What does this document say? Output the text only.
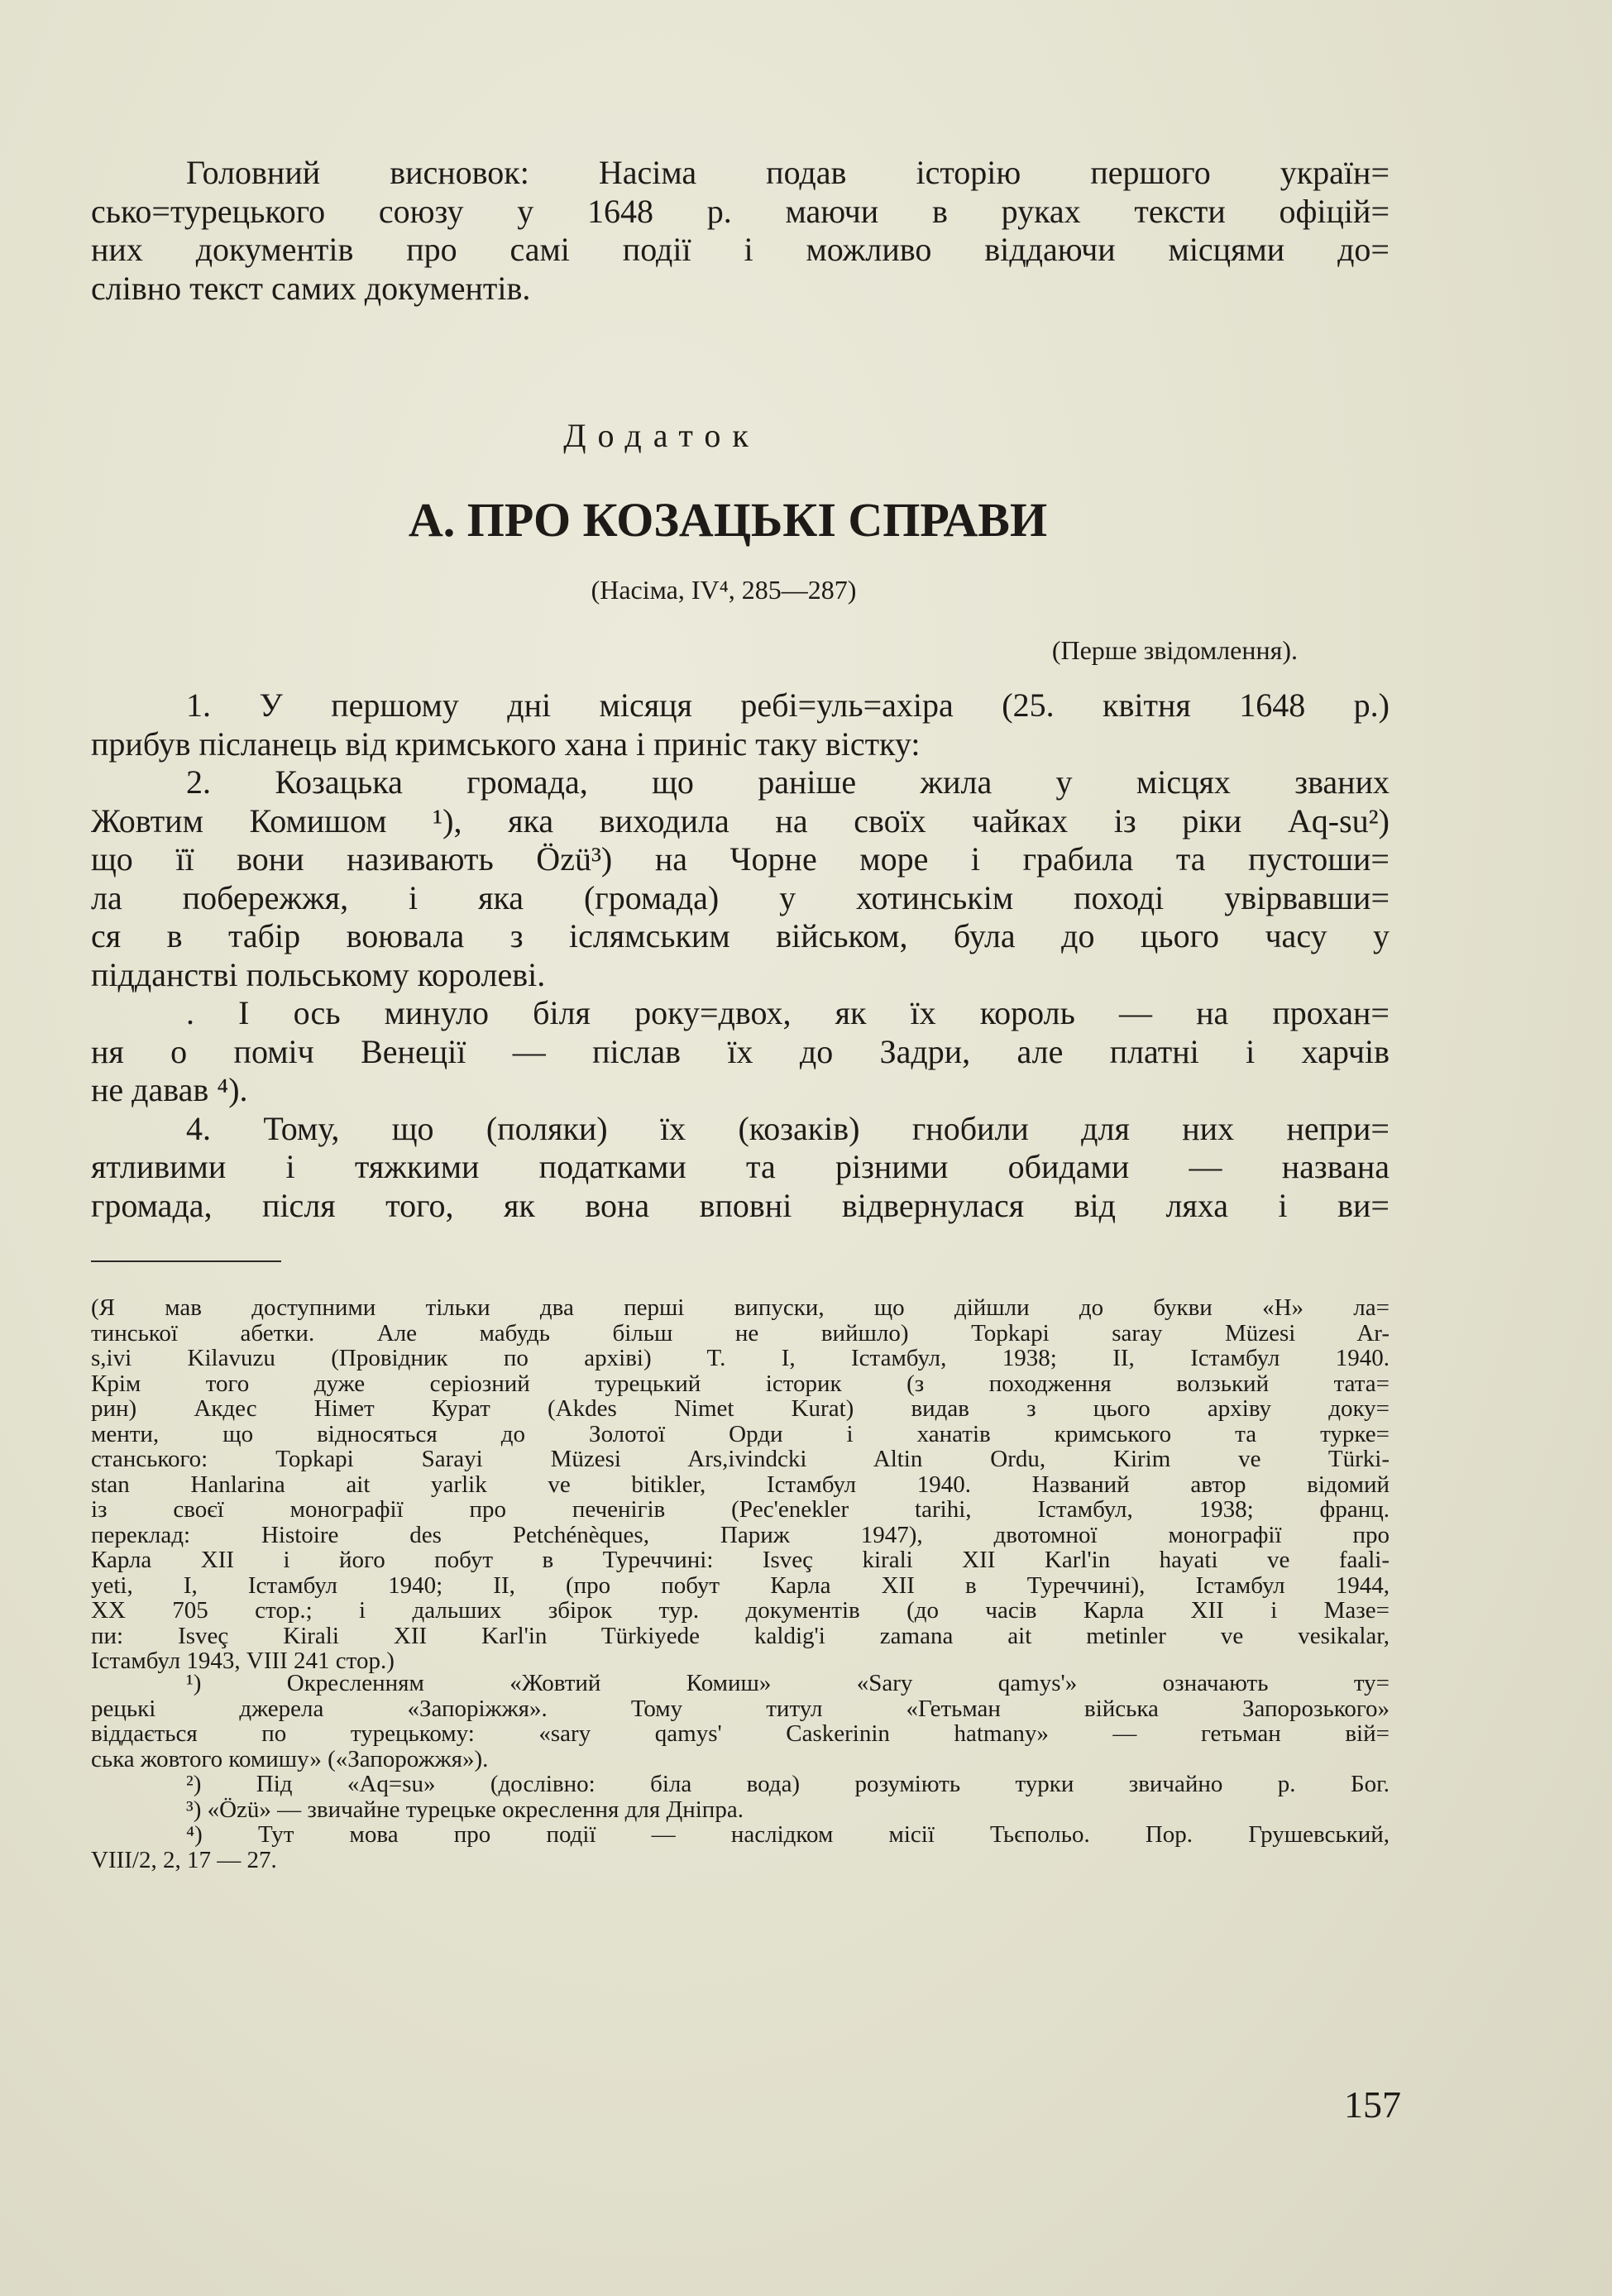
Головний висновок: Насіма подав історію першого україн=
сько=турецького союзу у 1648 р. маючи в руках тексти офіцій=
них документів про самі події і можливо віддаючи місцями до=
слівно текст самих документів.
Додаток
А. ПРО КОЗАЦЬКІ СПРАВИ
(Насіма, IV⁴, 285—287)
(Перше звідомлення).
1. У першому дні місяця ребі=уль=ахіра (25. квітня 1648 р.)
прибув післанець від кримського хана і приніс таку вістку:
2. Козацька громада, що раніше жила у місцях званих
Жовтим Комишом ¹), яка виходила на своїх чайках із ріки Aq-su²)
що її вони називають Özü³) на Чорне море і грабила та пустоши=
ла побережжя, і яка (громада) у хотинськім поході увірвавши=
ся в табір воювала з іслямським військом, була до цього часу у
підданстві польському королеві.
. І ось минуло біля року=двох, як їх король — на прохан=
ня о поміч Венеції — післав їх до Задри, але платні і харчів
не давав ⁴).
4. Тому, що (поляки) їх (козаків) гнобили для них непри=
ятливими і тяжкими податками та різними обидами — названа
громада, після того, як вона вповні відвернулася від ляха і ви=
(Я мав доступними тільки два перші випуски, що дійшли до букви «H» ла=
тинської абетки. Але мабудь більш не вийшло) Topkapi saray Müzesi Ar-
s,ivi Kilavuzu (Провідник по архіві) T. I, Істамбул, 1938; II, Істамбул 1940.
Крім того дуже серіозний турецький історик (з походження волзький тата=
рин) Акдес Німет Курат (Akdes Nimet Kurat) видав з цього архіву доку=
менти, що відносяться до Золотої Орди і ханатів кримського та турке=
станського: Topkapi Sarayi Müzesi Ars,ivindcki Altin Ordu, Kirim ve Türki-
stan Hanlarina ait yarlik ve bitikler, Істамбул 1940. Названий автор відомий
із своєї монографії про печенігів (Pec'enekler tarihi, Істамбул, 1938; франц.
переклад: Histoire des Petchénèques, Париж 1947), двотомної монографії про
Карла XII і його побут в Туреччині: Isveç kirali XII Karl'in hayati ve faali-
yeti, I, Істамбул 1940; II, (про побут Карла XII в Туреччині), Істамбул 1944,
XX 705 стор.; і дальших збірок тур. документів (до часів Карла XII і Мазе=
пи: Isveç Kirali XII Karl'in Türkiyede kaldig'i zamana ait metinler ve vesikalar,
Істамбул 1943, VIII 241 стор.)
¹) Окресленням «Жовтий Комиш» «Sary qamys'» означають ту=
рецькі джерела «Запоріжжя». Тому титул «Гетьман війська Запорозького»
віддається по турецькому: «sary qamys' Caskerinin hatmany» — гетьман вій=
ська жовтого комишу» («Запорожжя»).
²) Під «Aq=su» (дослівно: біла вода) розуміють турки звичайно р. Бог.
³) «Özü» — звичайне турецьке окреслення для Дніпра.
⁴) Тут мова про події — наслідком місії Тьєпольо. Пор. Грушевський,
VIII/2, 2, 17 — 27.
157
